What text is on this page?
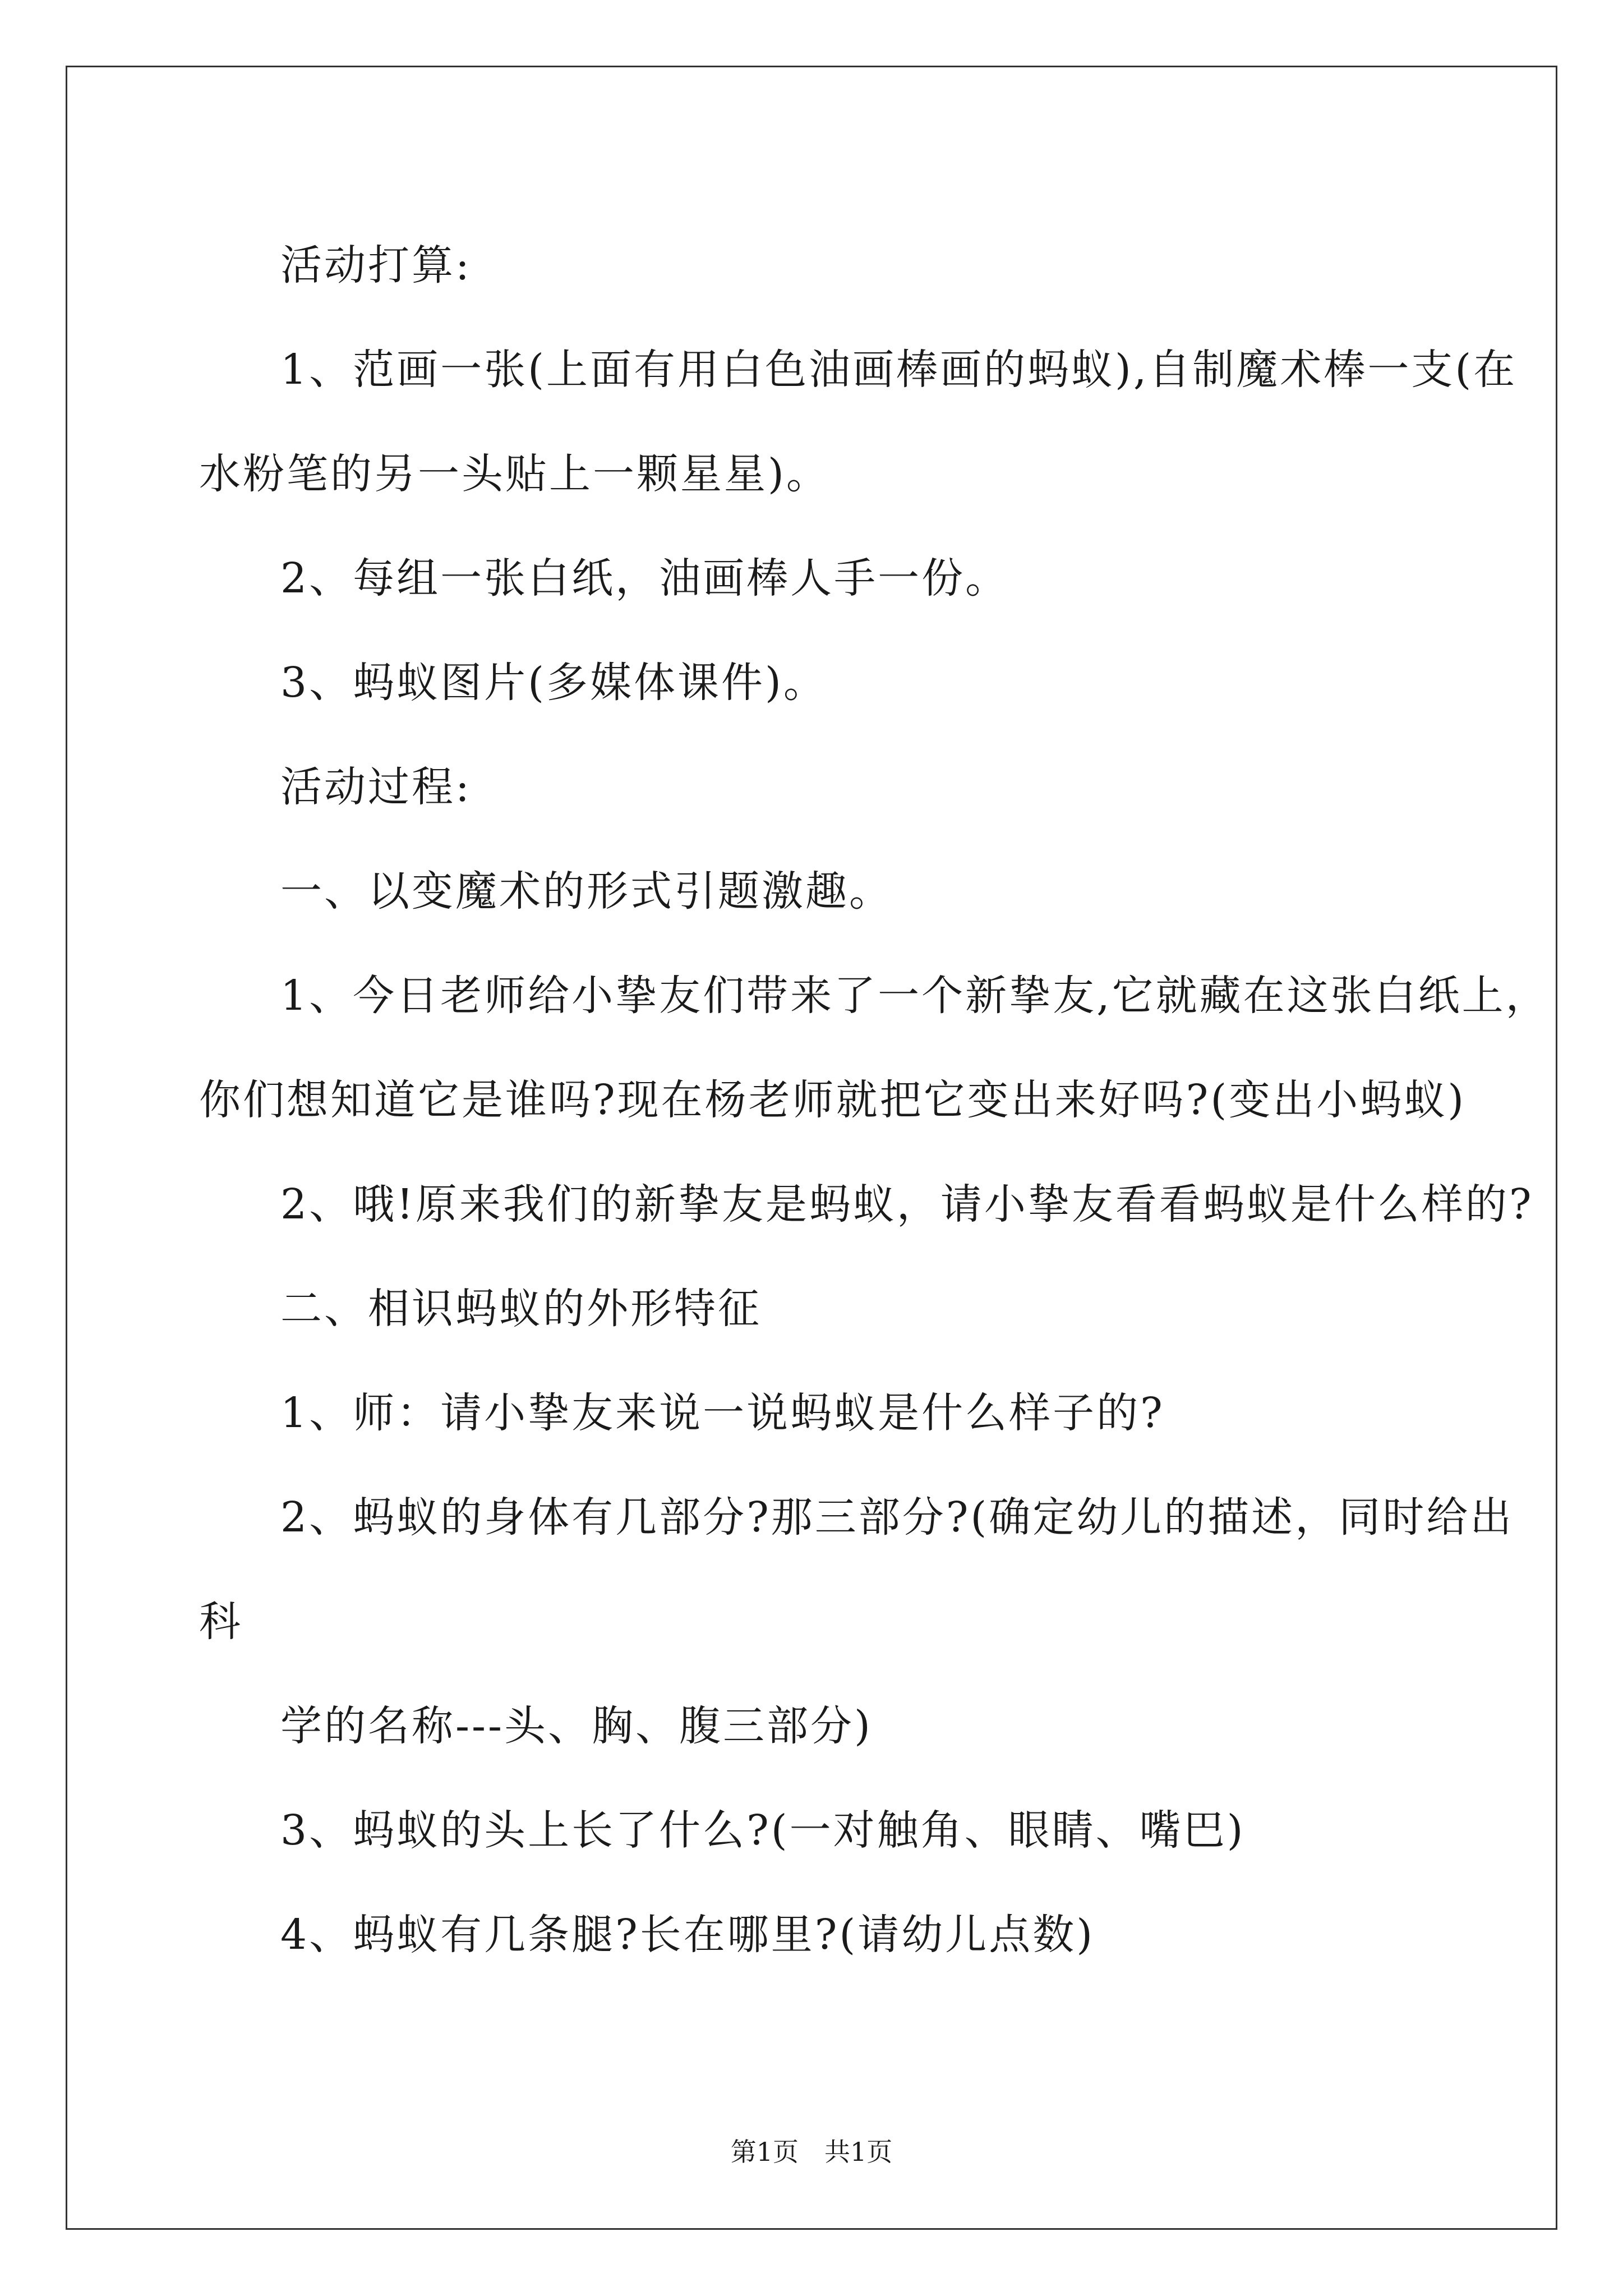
活动打算:

1、范画一张(上面有用白色油画棒画的蚂蚁),自制魔术棒一支(在

水粉笔的另一头贴上一颗星星)。

2、每组一张白纸，油画棒人手一份。

3、蚂蚁图片(多媒体课件)。

活动过程:

一、以变魔术的形式引题激趣。

1、今日老师给小挚友们带来了一个新挚友,它就藏在这张白纸上，

你们想知道它是谁吗?现在杨老师就把它变出来好吗?(变出小蚂蚁)

2、哦!原来我们的新挚友是蚂蚁，请小挚友看看蚂蚁是什么样的?

二、相识蚂蚁的外形特征

1、师：请小挚友来说一说蚂蚁是什么样子的?

2、蚂蚁的身体有几部分?那三部分?(确定幼儿的描述，同时给出

科

学的名称---头、胸、腹三部分)

3、蚂蚁的头上长了什么?(一对触角、眼睛、嘴巴)

4、蚂蚁有几条腿?长在哪里?(请幼儿点数)

第1页　共1页
